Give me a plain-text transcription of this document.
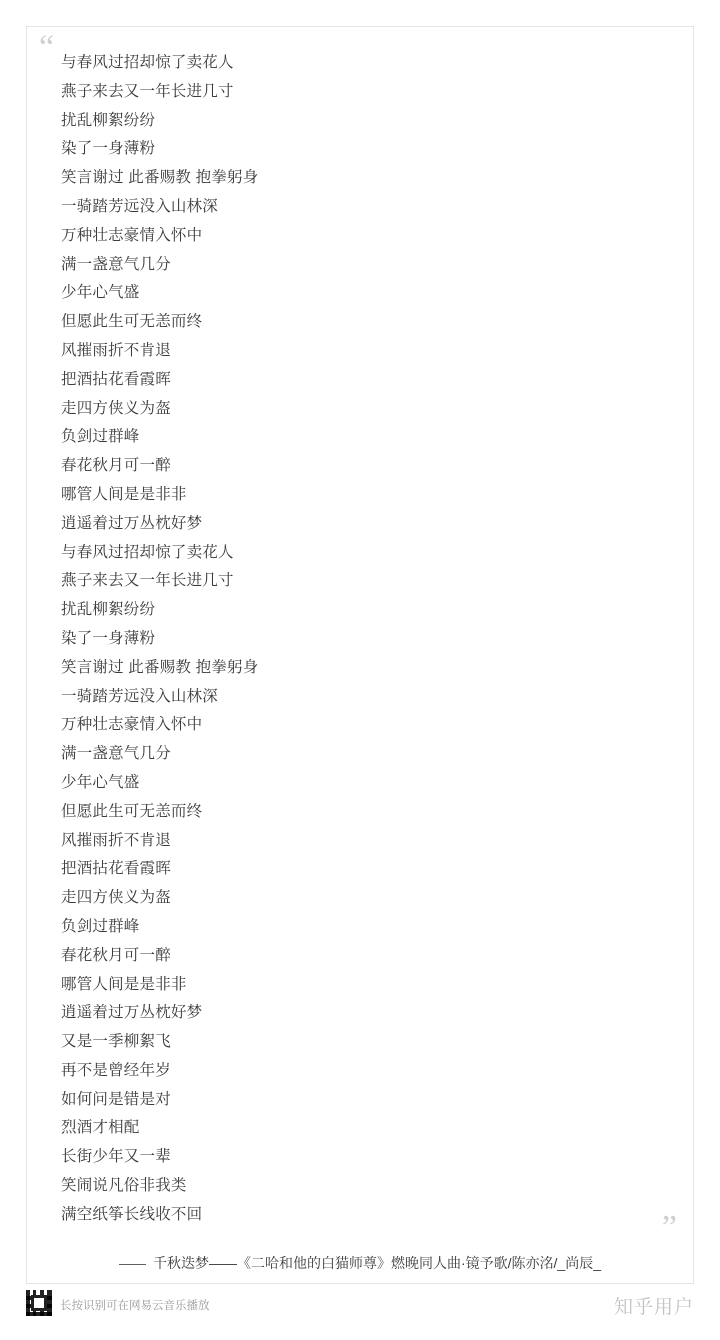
“
”
与春风过招却惊了卖花人
燕子来去又一年长进几寸
扰乱柳絮纷纷
染了一身薄粉
笑言谢过 此番赐教 抱拳躬身
一骑踏芳远没入山林深
万种壮志豪情入怀中
满一盏意气几分
少年心气盛
但愿此生可无恙而终
风摧雨折不肯退
把酒拈花看霞晖
走四方侠义为盔
负剑过群峰
春花秋月可一醉
哪管人间是是非非
逍遥着过万丛枕好梦
与春风过招却惊了卖花人
燕子来去又一年长进几寸
扰乱柳絮纷纷
染了一身薄粉
笑言谢过 此番赐教 抱拳躬身
一骑踏芳远没入山林深
万种壮志豪情入怀中
满一盏意气几分
少年心气盛
但愿此生可无恙而终
风摧雨折不肯退
把酒拈花看霞晖
走四方侠义为盔
负剑过群峰
春花秋月可一醉
哪管人间是是非非
逍遥着过万丛枕好梦
又是一季柳絮飞
再不是曾经年岁
如何问是错是对
烈酒才相配
长街少年又一辈
笑闹说凡俗非我类
满空纸筝长线收不回
—— 千秋迭梦——《二哈和他的白猫师尊》燃晚同人曲·镜予歌/陈亦洺/_尚辰_
长按识别可在网易云音乐播放	知乎用户
